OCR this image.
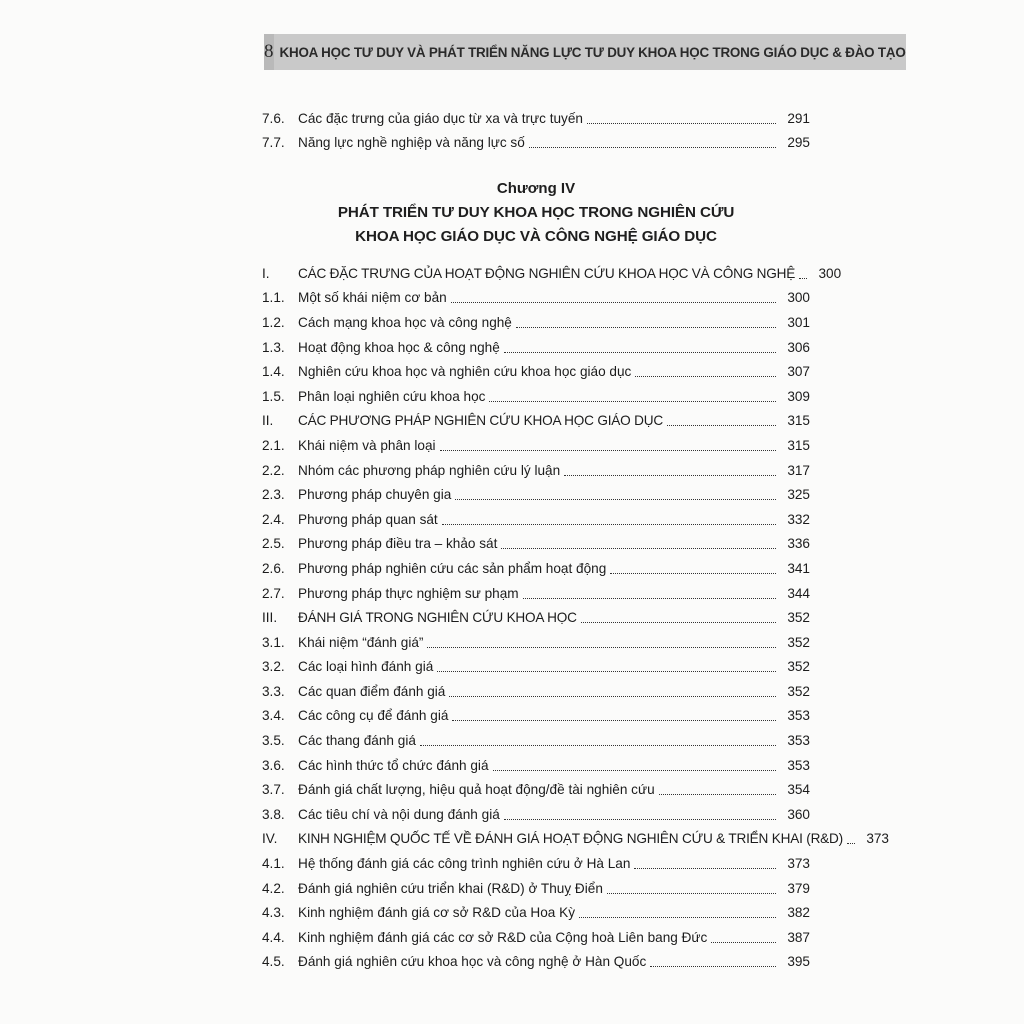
8 KHOA HỌC TƯ DUY VÀ PHÁT TRIỂN NĂNG LỰC TƯ DUY KHOA HỌC TRONG GIÁO DỤC & ĐÀO TẠO
7.6. Các đặc trưng của giáo dục từ xa và trực tuyến	291
7.7. Năng lực nghề nghiệp và năng lực số	295
Chương IV
PHÁT TRIỂN TƯ DUY KHOA HỌC TRONG NGHIÊN CỨU
KHOA HỌC GIÁO DỤC VÀ CÔNG NGHỆ GIÁO DỤC
I.	CÁC ĐẶC TRƯNG CỦA HOẠT ĐỘNG NGHIÊN CỨU KHOA HỌC VÀ CÔNG NGHỆ	300
1.1. Một số khái niệm cơ bản	300
1.2. Cách mạng khoa học và công nghệ	301
1.3. Hoạt động khoa học & công nghệ	306
1.4. Nghiên cứu khoa học và nghiên cứu khoa học giáo dục	307
1.5. Phân loại nghiên cứu khoa học	309
II.	CÁC PHƯƠNG PHÁP NGHIÊN CỨU KHOA HỌC GIÁO DỤC	315
2.1. Khái niệm và phân loại	315
2.2. Nhóm các phương pháp nghiên cứu lý luận	317
2.3. Phương pháp chuyên gia	325
2.4. Phương pháp quan sát	332
2.5. Phương pháp điều tra – khảo sát	336
2.6. Phương pháp nghiên cứu các sản phẩm hoạt động	341
2.7. Phương pháp thực nghiệm sư phạm	344
III.	ĐÁNH GIÁ TRONG NGHIÊN CỨU KHOA HỌC	352
3.1. Khái niệm “đánh giá”	352
3.2. Các loại hình đánh giá	352
3.3. Các quan điểm đánh giá	352
3.4. Các công cụ để đánh giá	353
3.5. Các thang đánh giá	353
3.6. Các hình thức tổ chức đánh giá	353
3.7. Đánh giá chất lượng, hiệu quả hoạt động/đề tài nghiên cứu	354
3.8. Các tiêu chí và nội dung đánh giá	360
IV.	KINH NGHIỆM QUỐC TẾ VỀ ĐÁNH GIÁ HOẠT ĐỘNG NGHIÊN CỨU & TRIỂN KHAI (R&D)	373
4.1. Hệ thống đánh giá các công trình nghiên cứu ở Hà Lan	373
4.2. Đánh giá nghiên cứu triển khai (R&D) ở Thuỵ Điển	379
4.3. Kinh nghiệm đánh giá cơ sở R&D của Hoa Kỳ	382
4.4. Kinh nghiệm đánh giá các cơ sở R&D của Cộng hoà Liên bang Đức	387
4.5. Đánh giá nghiên cứu khoa học và công nghệ ở Hàn Quốc	395
